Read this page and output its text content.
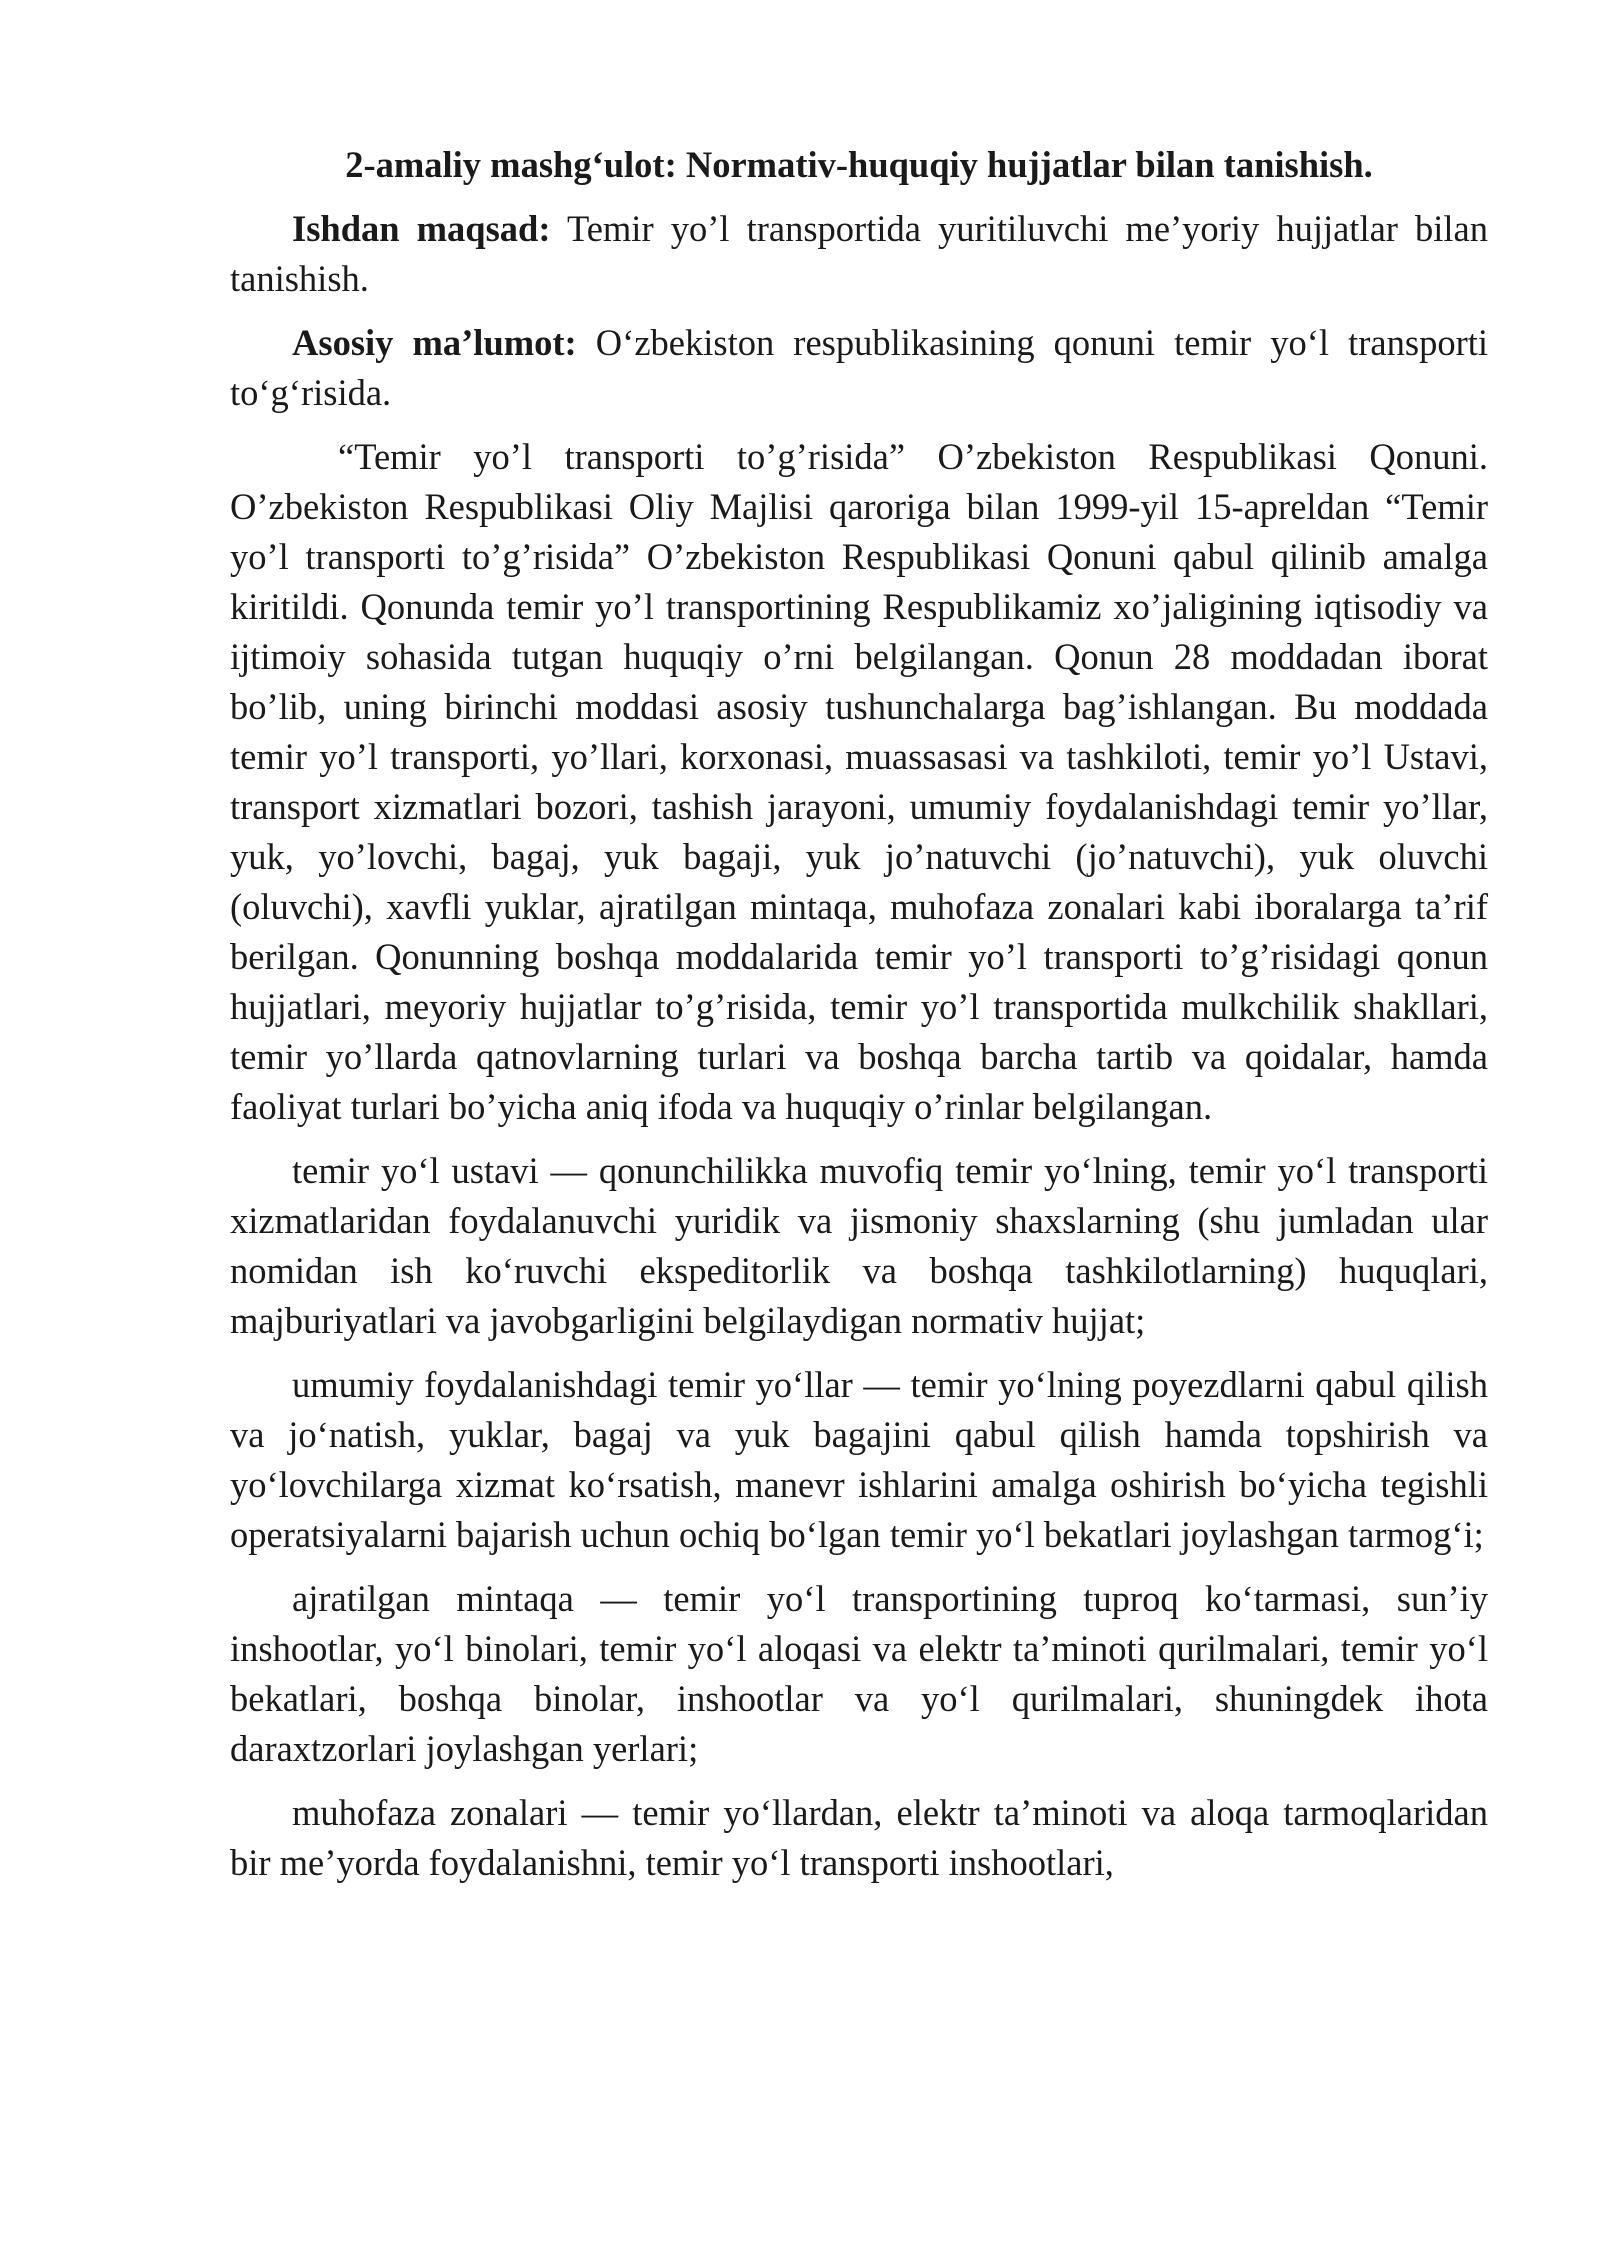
2-amaliy mashg‘ulot: Normativ-huquqiy hujjatlar bilan tanishish.
Ishdan maqsad: Temir yo’l transportida yuritiluvchi me’yoriy hujjatlar bilan tanishish.
Asosiy ma’lumot: O‘zbekiston respublikasining qonuni temir yo‘l transporti to‘g‘risida.
“Temir yo’l transporti to’g’risida” O’zbekiston Respublikasi Qonuni. O’zbekiston Respublikasi Oliy Majlisi qaroriga bilan 1999-yil 15-apreldan “Temir yo’l transporti to’g’risida” O’zbekiston Respublikasi Qonuni qabul qilinib amalga kiritildi. Qonunda temir yo’l transportining Respublikamiz xo’jaligining iqtisodiy va ijtimoiy sohasida tutgan huquqiy o’rni belgilangan. Qonun 28 moddadan iborat bo’lib, uning birinchi moddasi asosiy tushunchalarga bag’ishlangan. Bu moddada temir yo’l transporti, yo’llari, korxonasi, muassasasi va tashkiloti, temir yo’l Ustavi, transport xizmatlari bozori, tashish jarayoni, umumiy foydalanishdagi temir yo’llar, yuk, yo’lovchi, bagaj, yuk bagaji, yuk jo’natuvchi (jo’natuvchi), yuk oluvchi (oluvchi), xavfli yuklar, ajratilgan mintaqa, muhofaza zonalari kabi iboralarga ta’rif berilgan. Qonunning boshqa moddalarida temir yo’l transporti to’g’risidagi qonun hujjatlari, meyoriy hujjatlar to’g’risida, temir yo’l transportida mulkchilik shakllari, temir yo’llarda qatnovlarning turlari va boshqa barcha tartib va qoidalar, hamda faoliyat turlari bo’yicha aniq ifoda va huquqiy o’rinlar belgilangan.
temir yo‘l ustavi — qonunchilikka muvofiq temir yo‘lning, temir yo‘l transporti xizmatlaridan foydalanuvchi yuridik va jismoniy shaxslarning (shu jumladan ular nomidan ish ko‘ruvchi ekspeditorlik va boshqa tashkilotlarning) huquqlari, majburiyatlari va javobgarligini belgilaydigan normativ hujjat;
umumiy foydalanishdagi temir yo‘llar — temir yo‘lning poyezdlarni qabul qilish va jo‘natish, yuklar, bagaj va yuk bagajini qabul qilish hamda topshirish va yo‘lovchilarga xizmat ko‘rsatish, manevr ishlarini amalga oshirish bo‘yicha tegishli operatsiyalarni bajarish uchun ochiq bo‘lgan temir yo‘l bekatlari joylashgan tarmog‘i;
ajratilgan mintaqa — temir yo‘l transportining tuproq ko‘tarmasi, sun’iy inshootlar, yo‘l binolari, temir yo‘l aloqasi va elektr ta’minoti qurilmalari, temir yo‘l bekatlari, boshqa binolar, inshootlar va yo‘l qurilmalari, shuningdek ihota daraxtzorlari joylashgan yerlari;
muhofaza zonalari — temir yo‘llardan, elektr ta’minoti va aloqa tarmoqlaridan bir me’yorda foydalanishni, temir yo‘l transporti inshootlari,
